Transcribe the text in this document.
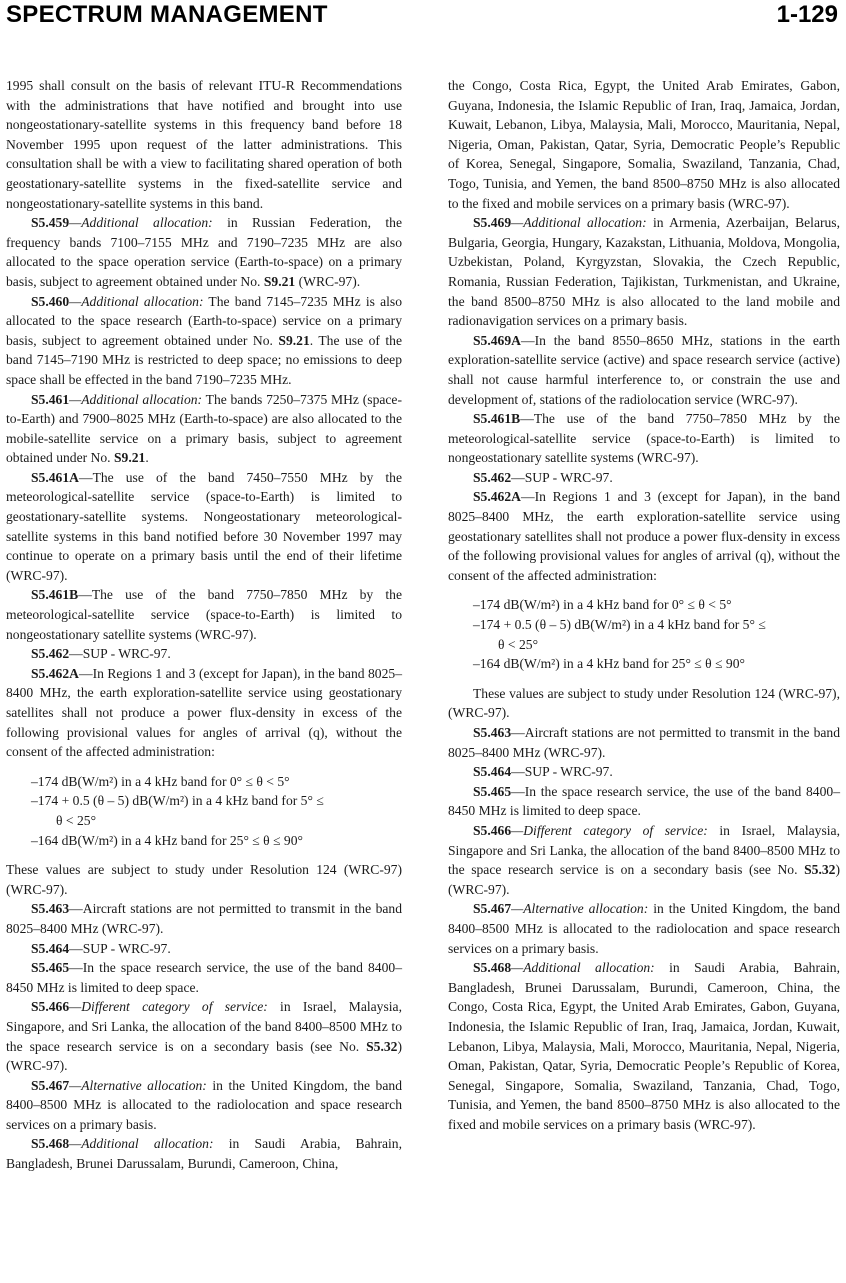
SPECTRUM MANAGEMENT	1-129

1995 shall consult on the basis of relevant ITU-R Recommendations with the administrations that have notified and brought into use nongeostationary-satellite systems in this frequency band before 18 November 1995 upon request of the latter administrations. This consultation shall be with a view to facilitating shared operation of both geostationary-satellite systems in the fixed-satellite service and nongeostationary-satellite systems in this band.

S5.459—Additional allocation: in Russian Federation, the frequency bands 7100–7155 MHz and 7190–7235 MHz are also allocated to the space operation service (Earth-to-space) on a primary basis, subject to agreement obtained under No. S9.21 (WRC-97).

S5.460—Additional allocation: The band 7145–7235 MHz is also allocated to the space research (Earth-to-space) service on a primary basis, subject to agreement obtained under No. S9.21. The use of the band 7145–7190 MHz is restricted to deep space; no emissions to deep space shall be effected in the band 7190–7235 MHz.

S5.461—Additional allocation: The bands 7250–7375 MHz (space-to-Earth) and 7900–8025 MHz (Earth-to-space) are also allocated to the mobile-satellite service on a primary basis, subject to agreement obtained under No. S9.21.

S5.461A—The use of the band 7450–7550 MHz by the meteorological-satellite service (space-to-Earth) is limited to geostationary-satellite systems. Nongeostationary meteorological-satellite systems in this band notified before 30 November 1997 may continue to operate on a primary basis until the end of their lifetime (WRC-97).

S5.461B—The use of the band 7750–7850 MHz by the meteorological-satellite service (space-to-Earth) is limited to nongeostationary satellite systems (WRC-97).

S5.462—SUP - WRC-97.

S5.462A—In Regions 1 and 3 (except for Japan), in the band 8025–8400 MHz, the earth exploration-satellite service using geostationary satellites shall not produce a power flux-density in excess of the following provisional values for angles of arrival (q), without the consent of the affected administration:

–174 dB(W/m²) in a 4 kHz band for 0° ≤ θ < 5°
–174 + 0.5 (θ – 5) dB(W/m²) in a 4 kHz band for 5° ≤
θ < 25°
–164 dB(W/m²) in a 4 kHz band for 25° ≤ θ ≤ 90°

These values are subject to study under Resolution 124 (WRC-97) (WRC-97).

S5.463—Aircraft stations are not permitted to transmit in the band 8025–8400 MHz (WRC-97).

S5.464—SUP - WRC-97.

S5.465—In the space research service, the use of the band 8400–8450 MHz is limited to deep space.

S5.466—Different category of service: in Israel, Malaysia, Singapore, and Sri Lanka, the allocation of the band 8400–8500 MHz to the space research service is on a secondary basis (see No. S5.32) (WRC-97).

S5.467—Alternative allocation: in the United Kingdom, the band 8400–8500 MHz is allocated to the radiolocation and space research services on a primary basis.

S5.468—Additional allocation: in Saudi Arabia, Bahrain, Bangladesh, Brunei Darussalam, Burundi, Cameroon, China,

the Congo, Costa Rica, Egypt, the United Arab Emirates, Gabon, Guyana, Indonesia, the Islamic Republic of Iran, Iraq, Jamaica, Jordan, Kuwait, Lebanon, Libya, Malaysia, Mali, Morocco, Mauritania, Nepal, Nigeria, Oman, Pakistan, Qatar, Syria, Democratic People’s Republic of Korea, Senegal, Singapore, Somalia, Swaziland, Tanzania, Chad, Togo, Tunisia, and Yemen, the band 8500–8750 MHz is also allocated to the fixed and mobile services on a primary basis (WRC-97).

S5.469—Additional allocation: in Armenia, Azerbaijan, Belarus, Bulgaria, Georgia, Hungary, Kazakstan, Lithuania, Moldova, Mongolia, Uzbekistan, Poland, Kyrgyzstan, Slovakia, the Czech Republic, Romania, Russian Federation, Tajikistan, Turkmenistan, and Ukraine, the band 8500–8750 MHz is also allocated to the land mobile and radionavigation services on a primary basis.

S5.469A—In the band 8550–8650 MHz, stations in the earth exploration-satellite service (active) and space research service (active) shall not cause harmful interference to, or constrain the use and development of, stations of the radiolocation service (WRC-97).

S5.461B—The use of the band 7750–7850 MHz by the meteorological-satellite service (space-to-Earth) is limited to nongeostationary satellite systems (WRC-97).

S5.462—SUP - WRC-97.

S5.462A—In Regions 1 and 3 (except for Japan), in the band 8025–8400 MHz, the earth exploration-satellite service using geostationary satellites shall not produce a power flux-density in excess of the following provisional values for angles of arrival (q), without the consent of the affected administration:

–174 dB(W/m²) in a 4 kHz band for 0° ≤ θ < 5°
–174 + 0.5 (θ – 5) dB(W/m²) in a 4 kHz band for 5° ≤
θ < 25°
–164 dB(W/m²) in a 4 kHz band for 25° ≤ θ ≤ 90°

These values are subject to study under Resolution 124 (WRC-97), (WRC-97).

S5.463—Aircraft stations are not permitted to transmit in the band 8025–8400 MHz (WRC-97).

S5.464—SUP - WRC-97.

S5.465—In the space research service, the use of the band 8400–8450 MHz is limited to deep space.

S5.466—Different category of service: in Israel, Malaysia, Singapore and Sri Lanka, the allocation of the band 8400–8500 MHz to the space research service is on a secondary basis (see No. S5.32) (WRC-97).

S5.467—Alternative allocation: in the United Kingdom, the band 8400–8500 MHz is allocated to the radiolocation and space research services on a primary basis.

S5.468—Additional allocation: in Saudi Arabia, Bahrain, Bangladesh, Brunei Darussalam, Burundi, Cameroon, China, the Congo, Costa Rica, Egypt, the United Arab Emirates, Gabon, Guyana, Indonesia, the Islamic Republic of Iran, Iraq, Jamaica, Jordan, Kuwait, Lebanon, Libya, Malaysia, Mali, Morocco, Mauritania, Nepal, Nigeria, Oman, Pakistan, Qatar, Syria, Democratic People’s Republic of Korea, Senegal, Singapore, Somalia, Swaziland, Tanzania, Chad, Togo, Tunisia, and Yemen, the band 8500–8750 MHz is also allocated to the fixed and mobile services on a primary basis (WRC-97).
